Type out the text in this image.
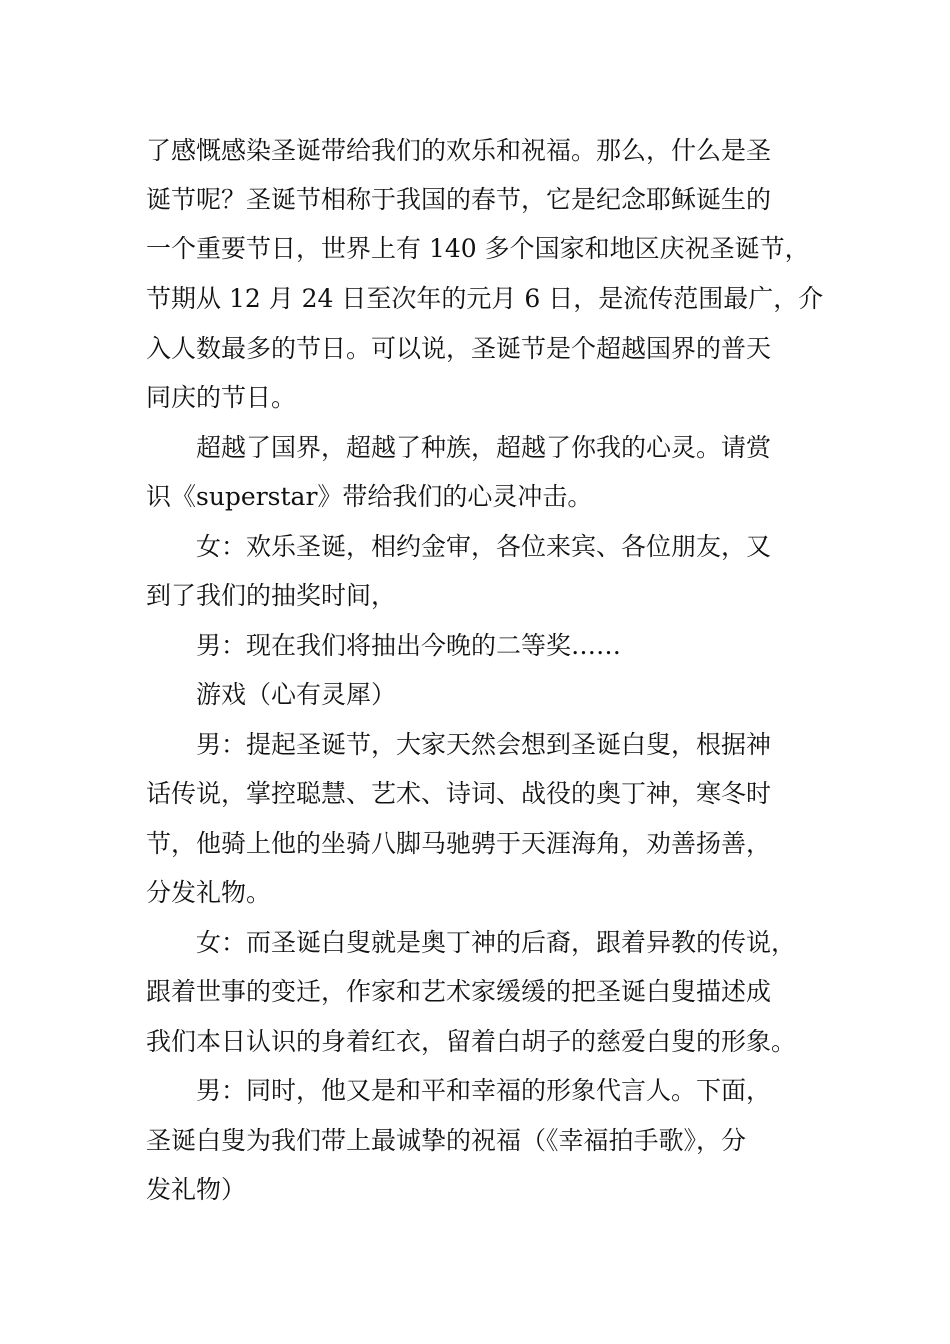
了感慨感染圣诞带给我们的欢乐和祝福。那么，什么是圣
诞节呢？圣诞节相称于我国的春节，它是纪念耶稣诞生的
一个重要节日，世界上有 140 多个国家和地区庆祝圣诞节，
节期从 12 月 24 日至次年的元月 6 日，是流传范围最广，介
入人数最多的节日。可以说，圣诞节是个超越国界的普天
同庆的节日。
超越了国界，超越了种族，超越了你我的心灵。请赏
识《superstar》带给我们的心灵冲击。
女：欢乐圣诞，相约金审，各位来宾、各位朋友，又
到了我们的抽奖时间，
男：现在我们将抽出今晚的二等奖……
游戏（心有灵犀）
男：提起圣诞节，大家天然会想到圣诞白叟，根据神
话传说，掌控聪慧、艺术、诗词、战役的奥丁神，寒冬时
节，他骑上他的坐骑八脚马驰骋于天涯海角，劝善扬善，
分发礼物。
女：而圣诞白叟就是奥丁神的后裔，跟着异教的传说，
跟着世事的变迁，作家和艺术家缓缓的把圣诞白叟描述成
我们本日认识的身着红衣，留着白胡子的慈爱白叟的形象。
男：同时，他又是和平和幸福的形象代言人。下面，
圣诞白叟为我们带上最诚挚的祝福（《幸福拍手歌》，分
发礼物）
